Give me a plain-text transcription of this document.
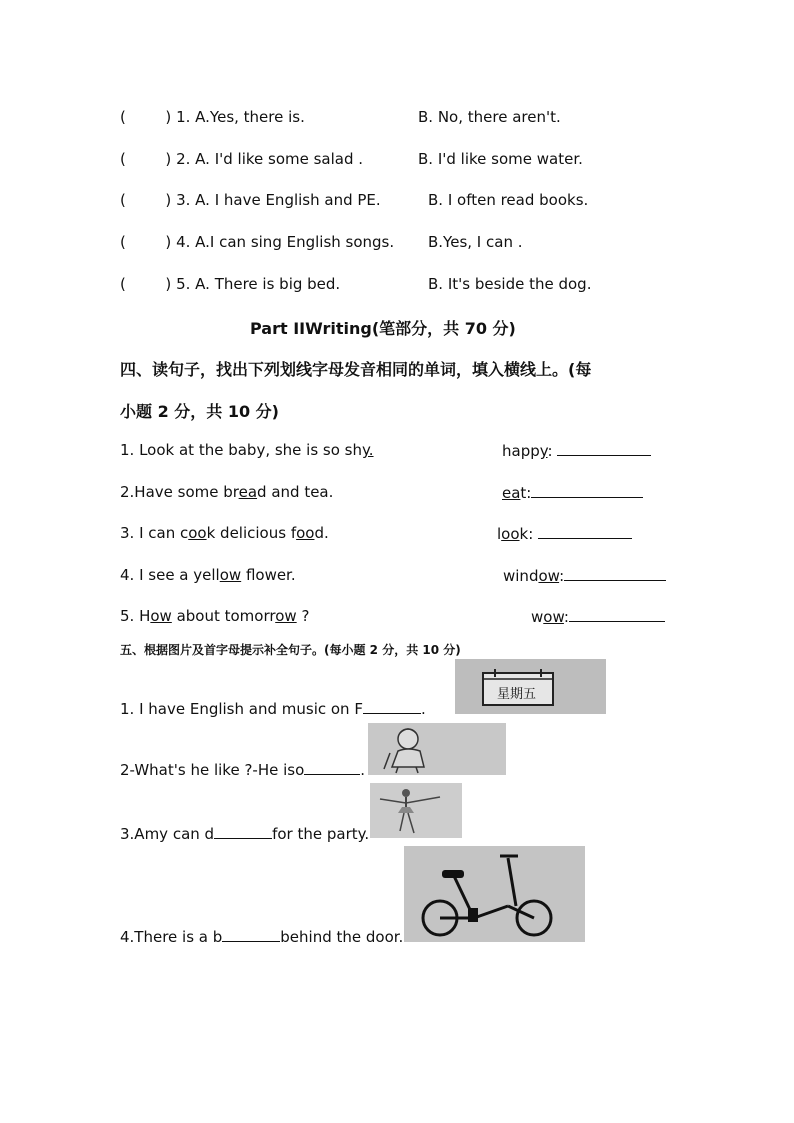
(	) 1. A.Yes, there is.	B. No, there aren't.
(	) 2. A. I'd like some salad .	B. I'd like some water.
(	) 3. A. I have English and PE.	B. I often read books.
(	) 4. A.I can sing English songs. B.Yes, I can .
(	) 5. A. There is big bed.	B. It's beside the dog.
Part IIWriting(笔部分，共 70 分)
四、读句子，找出下列划线字母发音相同的单词，填入横线上。(每
小题 2 分，共 10 分)
1. Look at the baby, she is so shy.	happy:
2.Have some bread and tea.	eat:
3. I can cook delicious food.	look:
4. I see a yellow flower.	window:
5. How about tomorrow ?	wow:
五、根据图片及首字母提示补全句子。(每小题 2 分，共 10 分)
1. I have English and music on F	.
2-What's he like ?-He iso	.
3.Amy can d	for the party.
4.There is a b	behind the door.
星期五
